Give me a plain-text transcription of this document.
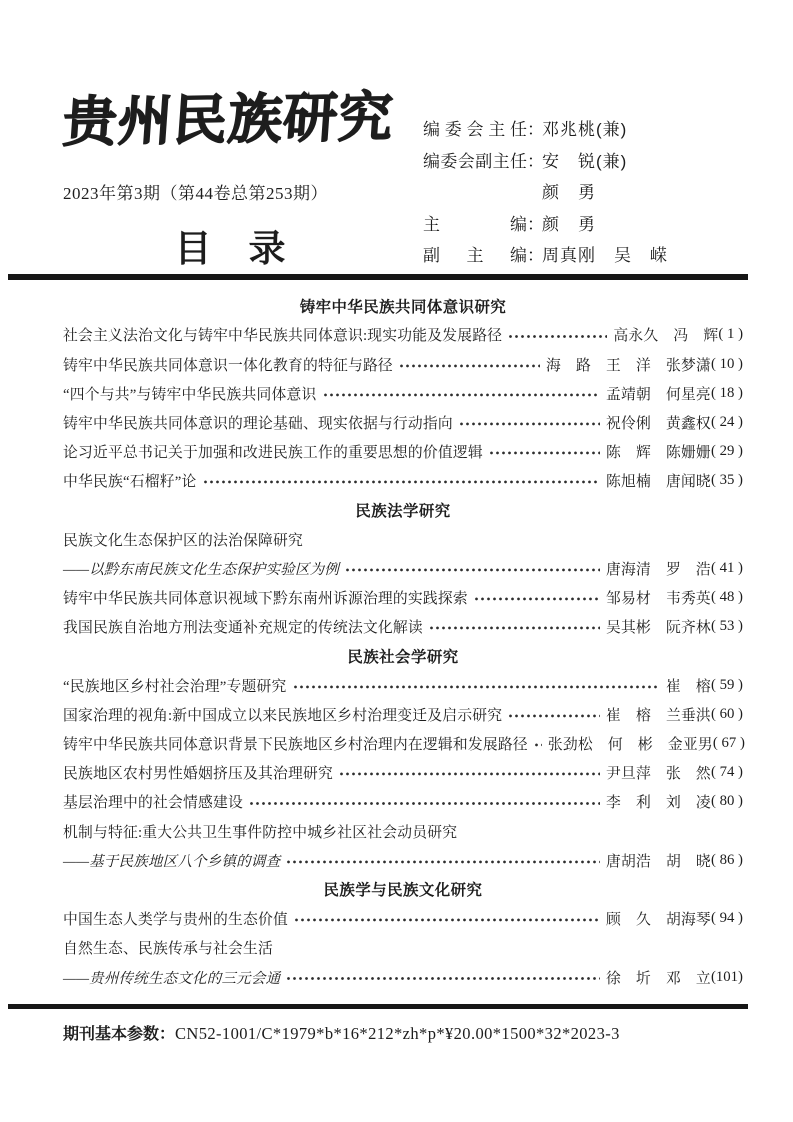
贵州民族研究
2023年第3期（第44卷总第253期）
目　录
编委会主任 ：
邓兆桃(兼)
编委会副主任 ：
安　锐(兼)
颜　勇
主编 ：
颜　勇
副主编 ：
周真刚　吴　嵘
铸牢中华民族共同体意识研究
社会主义法治文化与铸牢中华民族共同体意识:现实功能及发展路径	高永久　冯　辉 ( 1 )
铸牢中华民族共同体意识一体化教育的特征与路径	海　路　王　洋　张梦潇 ( 10 )
“四个与共”与铸牢中华民族共同体意识	孟靖朝　何星亮 ( 18 )
铸牢中华民族共同体意识的理论基础、现实依据与行动指向	祝伶俐　黄鑫权 ( 24 )
论习近平总书记关于加强和改进民族工作的重要思想的价值逻辑	陈　辉　陈姗姗 ( 29 )
中华民族“石榴籽”论	陈旭楠　唐闻晓 ( 35 )
民族法学研究
民族文化生态保护区的法治保障研究
——以黔东南民族文化生态保护实验区为例	唐海清　罗　浩 ( 41 )
铸牢中华民族共同体意识视域下黔东南州诉源治理的实践探索	邹易材　韦秀英 ( 48 )
我国民族自治地方刑法变通补充规定的传统法文化解读	吴其彬　阮齐林 ( 53 )
民族社会学研究
“民族地区乡村社会治理”专题研究	崔　榕 ( 59 )
国家治理的视角:新中国成立以来民族地区乡村治理变迁及启示研究	崔　榕　兰垂洪 ( 60 )
铸牢中华民族共同体意识背景下民族地区乡村治理内在逻辑和发展路径 张劲松　何　彬　金亚男 ( 67 )
民族地区农村男性婚姻挤压及其治理研究	尹旦萍　张　然 ( 74 )
基层治理中的社会情感建设	李　利　刘　凌 ( 80 )
机制与特征:重大公共卫生事件防控中城乡社区社会动员研究
——基于民族地区八个乡镇的调查	唐胡浩　胡　晓 ( 86 )
民族学与民族文化研究
中国生态人类学与贵州的生态价值	顾　久　胡海琴 ( 94 )
自然生态、民族传承与社会生活
——贵州传统生态文化的三元会通	徐　圻　邓　立 (101)
期刊基本参数：CN52-1001/C*1979*b*16*212*zh*p*¥20.00*1500*32*2023-3
